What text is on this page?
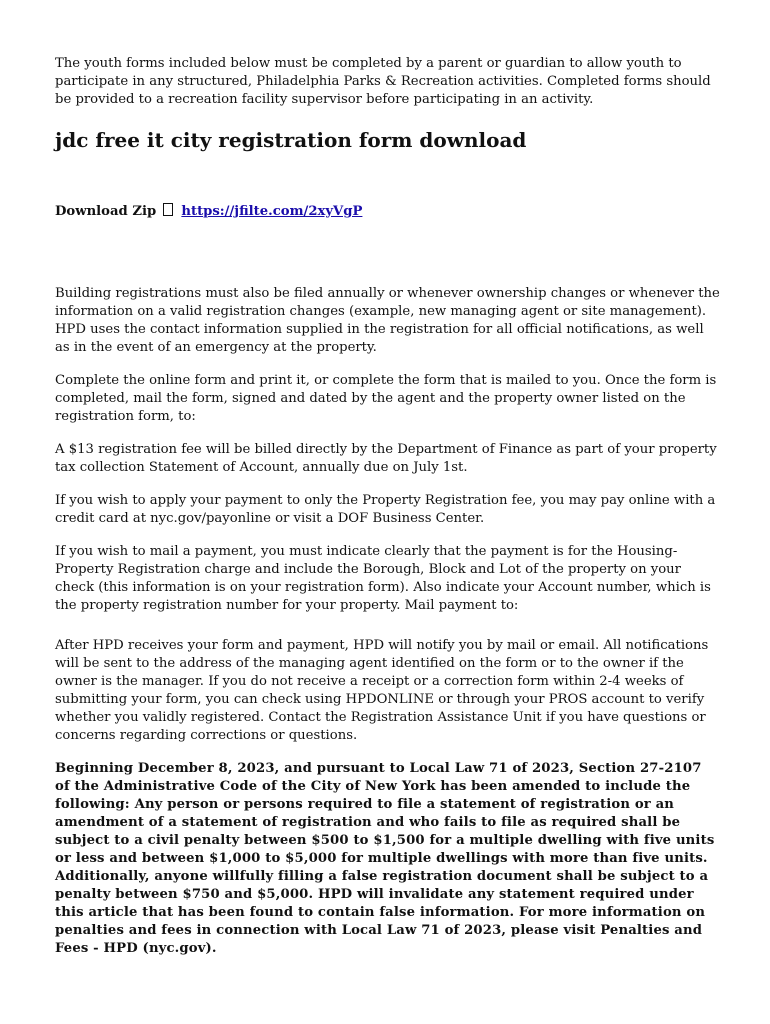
The youth forms included below must be completed by a parent or guardian to allow youth to participate in any structured, Philadelphia Parks & Recreation activities. Completed forms should be provided to a recreation facility supervisor before participating in an activity.

jdc free it city registration form download
Download Zip https://jfilte.com/2xyVgP

Building registrations must also be filed annually or whenever ownership changes or whenever the information on a valid registration changes (example, new managing agent or site management). HPD uses the contact information supplied in the registration for all official notifications, as well as in the event of an emergency at the property.

Complete the online form and print it, or complete the form that is mailed to you. Once the form is completed, mail the form, signed and dated by the agent and the property owner listed on the registration form, to:

A $13 registration fee will be billed directly by the Department of Finance as part of your property tax collection Statement of Account, annually due on July 1st.

If you wish to apply your payment to only the Property Registration fee, you may pay online with a credit card at nyc.gov/payonline or visit a DOF Business Center.

If you wish to mail a payment, you must indicate clearly that the payment is for the Housing-Property Registration charge and include the Borough, Block and Lot of the property on your check (this information is on your registration form). Also indicate your Account number, which is the property registration number for your property. Mail payment to:

After HPD receives your form and payment, HPD will notify you by mail or email. All notifications will be sent to the address of the managing agent identified on the form or to the owner if the owner is the manager. If you do not receive a receipt or a correction form within 2-4 weeks of submitting your form, you can check using HPDONLINE or through your PROS account to verify whether you validly registered. Contact the Registration Assistance Unit if you have questions or concerns regarding corrections or questions.

Beginning December 8, 2023, and pursuant to Local Law 71 of 2023, Section 27-2107 of the Administrative Code of the City of New York has been amended to include the following: Any person or persons required to file a statement of registration or an amendment of a statement of registration and who fails to file as required shall be subject to a civil penalty between $500 to $1,500 for a multiple dwelling with five units or less and between $1,000 to $5,000 for multiple dwellings with more than five units. Additionally, anyone willfully filling a false registration document shall be subject to a penalty between $750 and $5,000. HPD will invalidate any statement required under this article that has been found to contain false information. For more information on penalties and fees in connection with Local Law 71 of 2023, please visit Penalties and Fees - HPD (nyc.gov).
